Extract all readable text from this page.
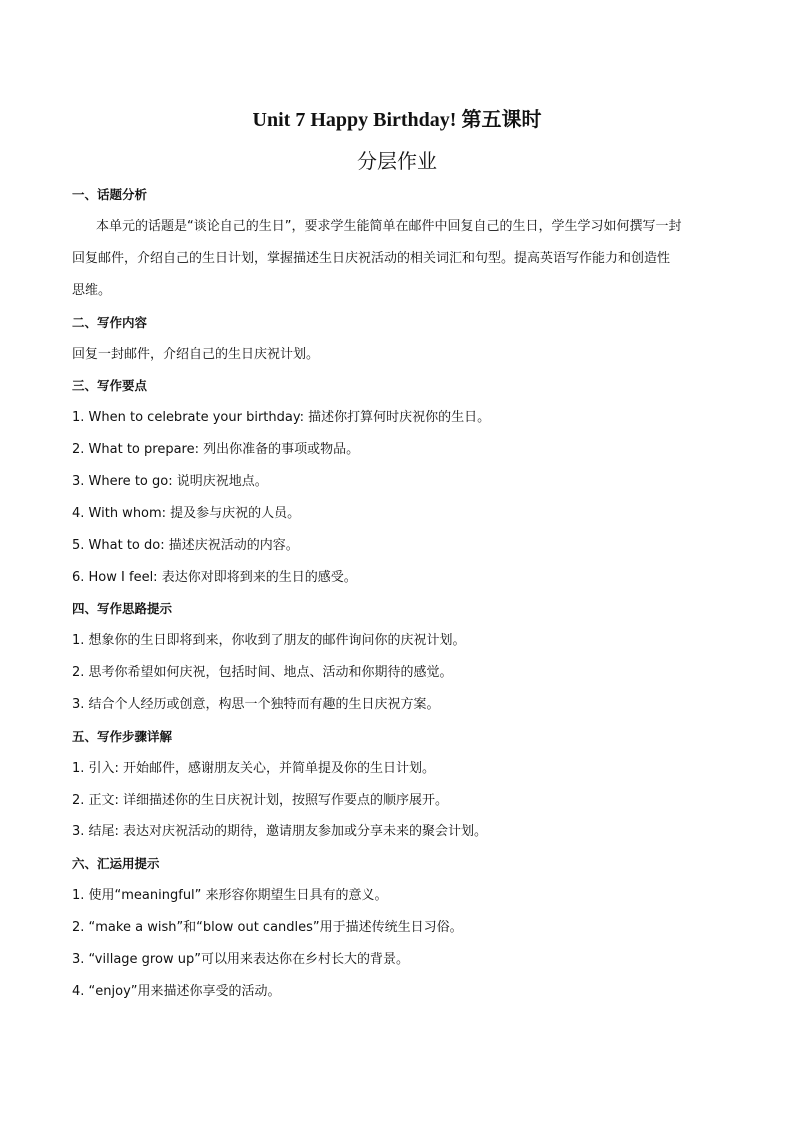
Unit 7 Happy Birthday! 第五课时
分层作业
一、话题分析
本单元的话题是“谈论自己的生日”，要求学生能简单在邮件中回复自己的生日，学生学习如何撰写一封
回复邮件，介绍自己的生日计划，掌握描述生日庆祝活动的相关词汇和句型。提高英语写作能力和创造性
思维。
二、写作内容
回复一封邮件，介绍自己的生日庆祝计划。
三、写作要点
1. When to celebrate your birthday: 描述你打算何时庆祝你的生日。
2. What to prepare: 列出你准备的事项或物品。
3. Where to go: 说明庆祝地点。
4. With whom: 提及参与庆祝的人员。
5. What to do: 描述庆祝活动的内容。
6. How I feel: 表达你对即将到来的生日的感受。
四、写作思路提示
1. 想象你的生日即将到来，你收到了朋友的邮件询问你的庆祝计划。
2. 思考你希望如何庆祝，包括时间、地点、活动和你期待的感觉。
3. 结合个人经历或创意，构思一个独特而有趣的生日庆祝方案。
五、写作步骤详解
1. 引入: 开始邮件，感谢朋友关心，并简单提及你的生日计划。
2. 正文: 详细描述你的生日庆祝计划，按照写作要点的顺序展开。
3. 结尾: 表达对庆祝活动的期待，邀请朋友参加或分享未来的聚会计划。
六、汇运用提示
1. 使用“meaningful” 来形容你期望生日具有的意义。
2. “make a wish”和“blow out candles”用于描述传统生日习俗。
3. “village grow up”可以用来表达你在乡村长大的背景。
4. “enjoy”用来描述你享受的活动。
